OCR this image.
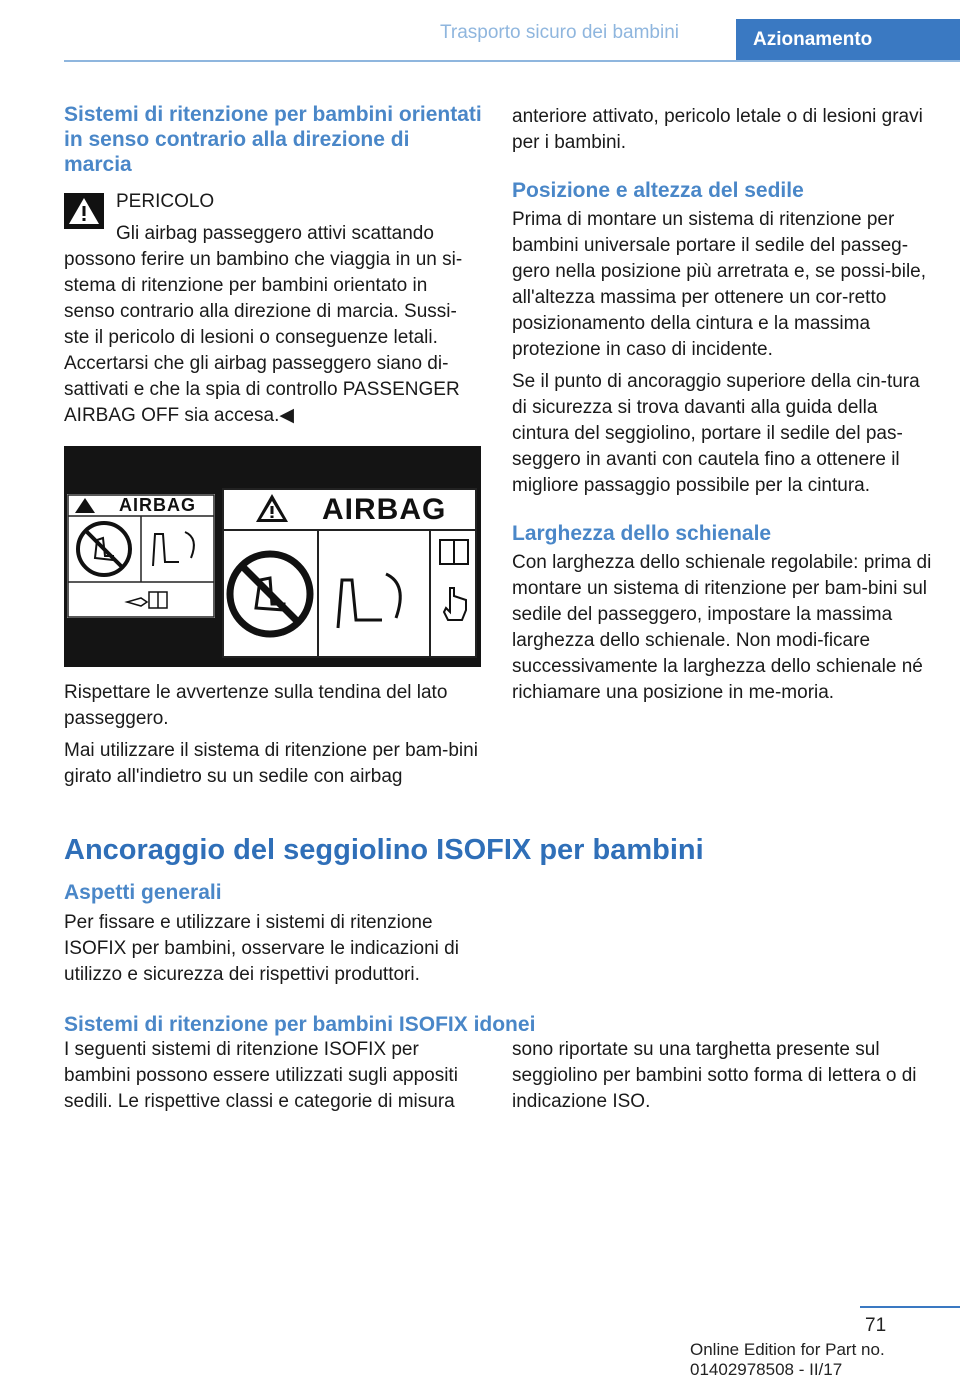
Trasporto sicuro dei bambini	Azionamento
Sistemi di ritenzione per bambini orientati in senso contrario alla direzione di marcia

PERICOLO

Gli airbag passeggero attivi scattando possono ferire un bambino che viaggia in un si-stema di ritenzione per bambini orientato in senso contrario alla direzione di marcia. Sussi-ste il pericolo di lesioni o conseguenze letali. Accertarsi che gli airbag passeggero siano di-sattivati e che la spia di controllo PASSENGER AIRBAG OFF sia accesa.◀

AIRBAG	AIRBAG

Rispettare le avvertenze sulla tendina del lato passeggero.

Mai utilizzare il sistema di ritenzione per bam-bini girato all'indietro su un sedile con airbag

anteriore attivato, pericolo letale o di lesioni gravi per i bambini.

Posizione e altezza del sedile

Prima di montare un sistema di ritenzione per bambini universale portare il sedile del passeg-gero nella posizione più arretrata e, se possi-bile, all'altezza massima per ottenere un cor-retto posizionamento della cintura e la massima protezione in caso di incidente.

Se il punto di ancoraggio superiore della cin-tura di sicurezza si trova davanti alla guida della cintura del seggiolino, portare il sedile del pas-seggero in avanti con cautela fino a ottenere il migliore passaggio possibile per la cintura.

Larghezza dello schienale

Con larghezza dello schienale regolabile: prima di montare un sistema di ritenzione per bam-bini sul sedile del passeggero, impostare la massima larghezza dello schienale. Non modi-ficare successivamente la larghezza dello schienale né richiamare una posizione in me-moria.

Ancoraggio del seggiolino ISOFIX per bambini
Aspetti generali

Per fissare e utilizzare i sistemi di ritenzione ISOFIX per bambini, osservare le indicazioni di utilizzo e sicurezza dei rispettivi produttori.

Sistemi di ritenzione per bambini ISOFIX idonei

I seguenti sistemi di ritenzione ISOFIX per bambini possono essere utilizzati sugli appositi sedili. Le rispettive classi e categorie di misura

sono riportate su una targhetta presente sul seggiolino per bambini sotto forma di lettera o di indicazione ISO.

71
Online Edition for Part no. 01402978508 - II/17
